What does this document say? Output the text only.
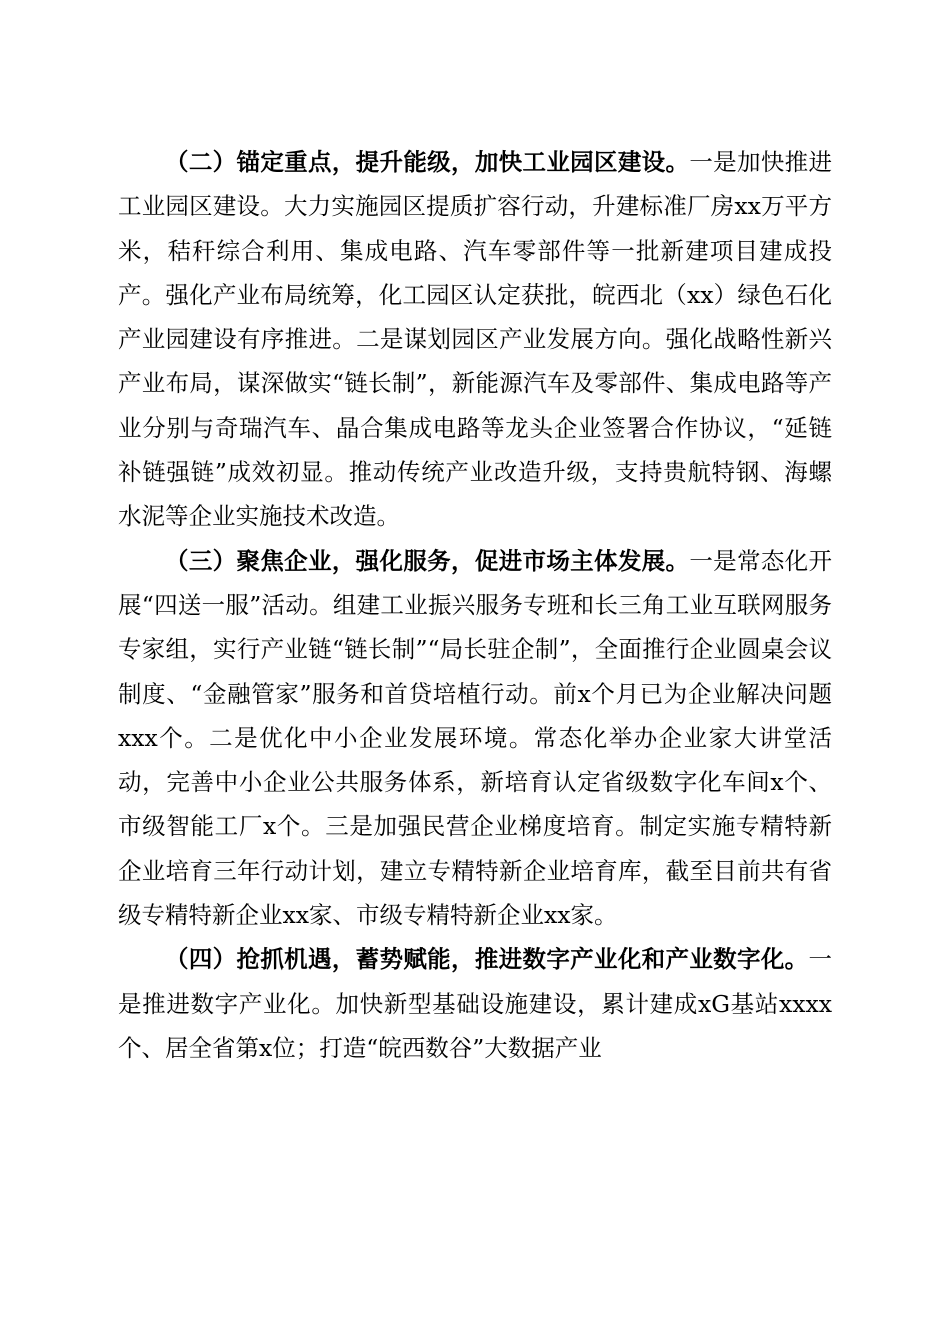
（二）锚定重点，提升能级，加快工业园区建设。一是加快推进工业园区建设。大力实施园区提质扩容行动，升建标准厂房xx万平方米，秸秆综合利用、集成电路、汽车零部件等一批新建项目建成投产。强化产业布局统筹，化工园区认定获批，皖西北（xx）绿色石化产业园建设有序推进。二是谋划园区产业发展方向。强化战略性新兴产业布局，谋深做实“链长制”，新能源汽车及零部件、集成电路等产业分别与奇瑞汽车、晶合集成电路等龙头企业签署合作协议，“延链补链强链”成效初显。推动传统产业改造升级，支持贵航特钢、海螺水泥等企业实施技术改造。

（三）聚焦企业，强化服务，促进市场主体发展。一是常态化开展“四送一服”活动。组建工业振兴服务专班和长三角工业互联网服务专家组，实行产业链“链长制”“局长驻企制”，全面推行企业圆桌会议制度、“金融管家”服务和首贷培植行动。前x个月已为企业解决问题xxx个。二是优化中小企业发展环境。常态化举办企业家大讲堂活动，完善中小企业公共服务体系，新培育认定省级数字化车间x个、市级智能工厂x个。三是加强民营企业梯度培育。制定实施专精特新企业培育三年行动计划，建立专精特新企业培育库，截至目前共有省级专精特新企业xx家、市级专精特新企业xx家。

（四）抢抓机遇，蓄势赋能，推进数字产业化和产业数字化。一是推进数字产业化。加快新型基础设施建设，累计建成xG基站xxxx个、居全省第x位；打造“皖西数谷”大数据产业
